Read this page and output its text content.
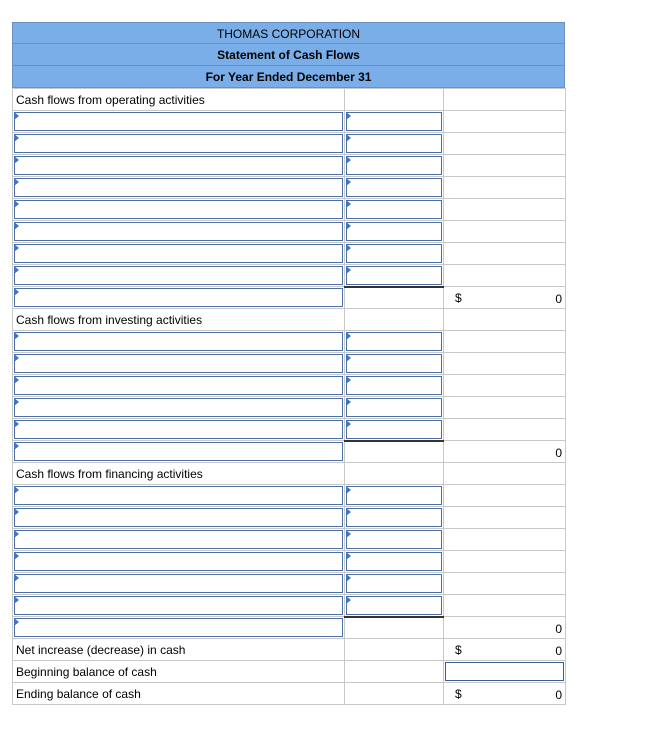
THOMAS CORPORATION
Statement of Cash Flows
For Year Ended December 31
Cash flows from operating activities		

		$ 0

Cash flows from investing activities		

		0

Cash flows from financing activities		

		0

Net increase (decrease) in cash		$ 0

Beginning balance of cash		

Ending balance of cash		$ 0
